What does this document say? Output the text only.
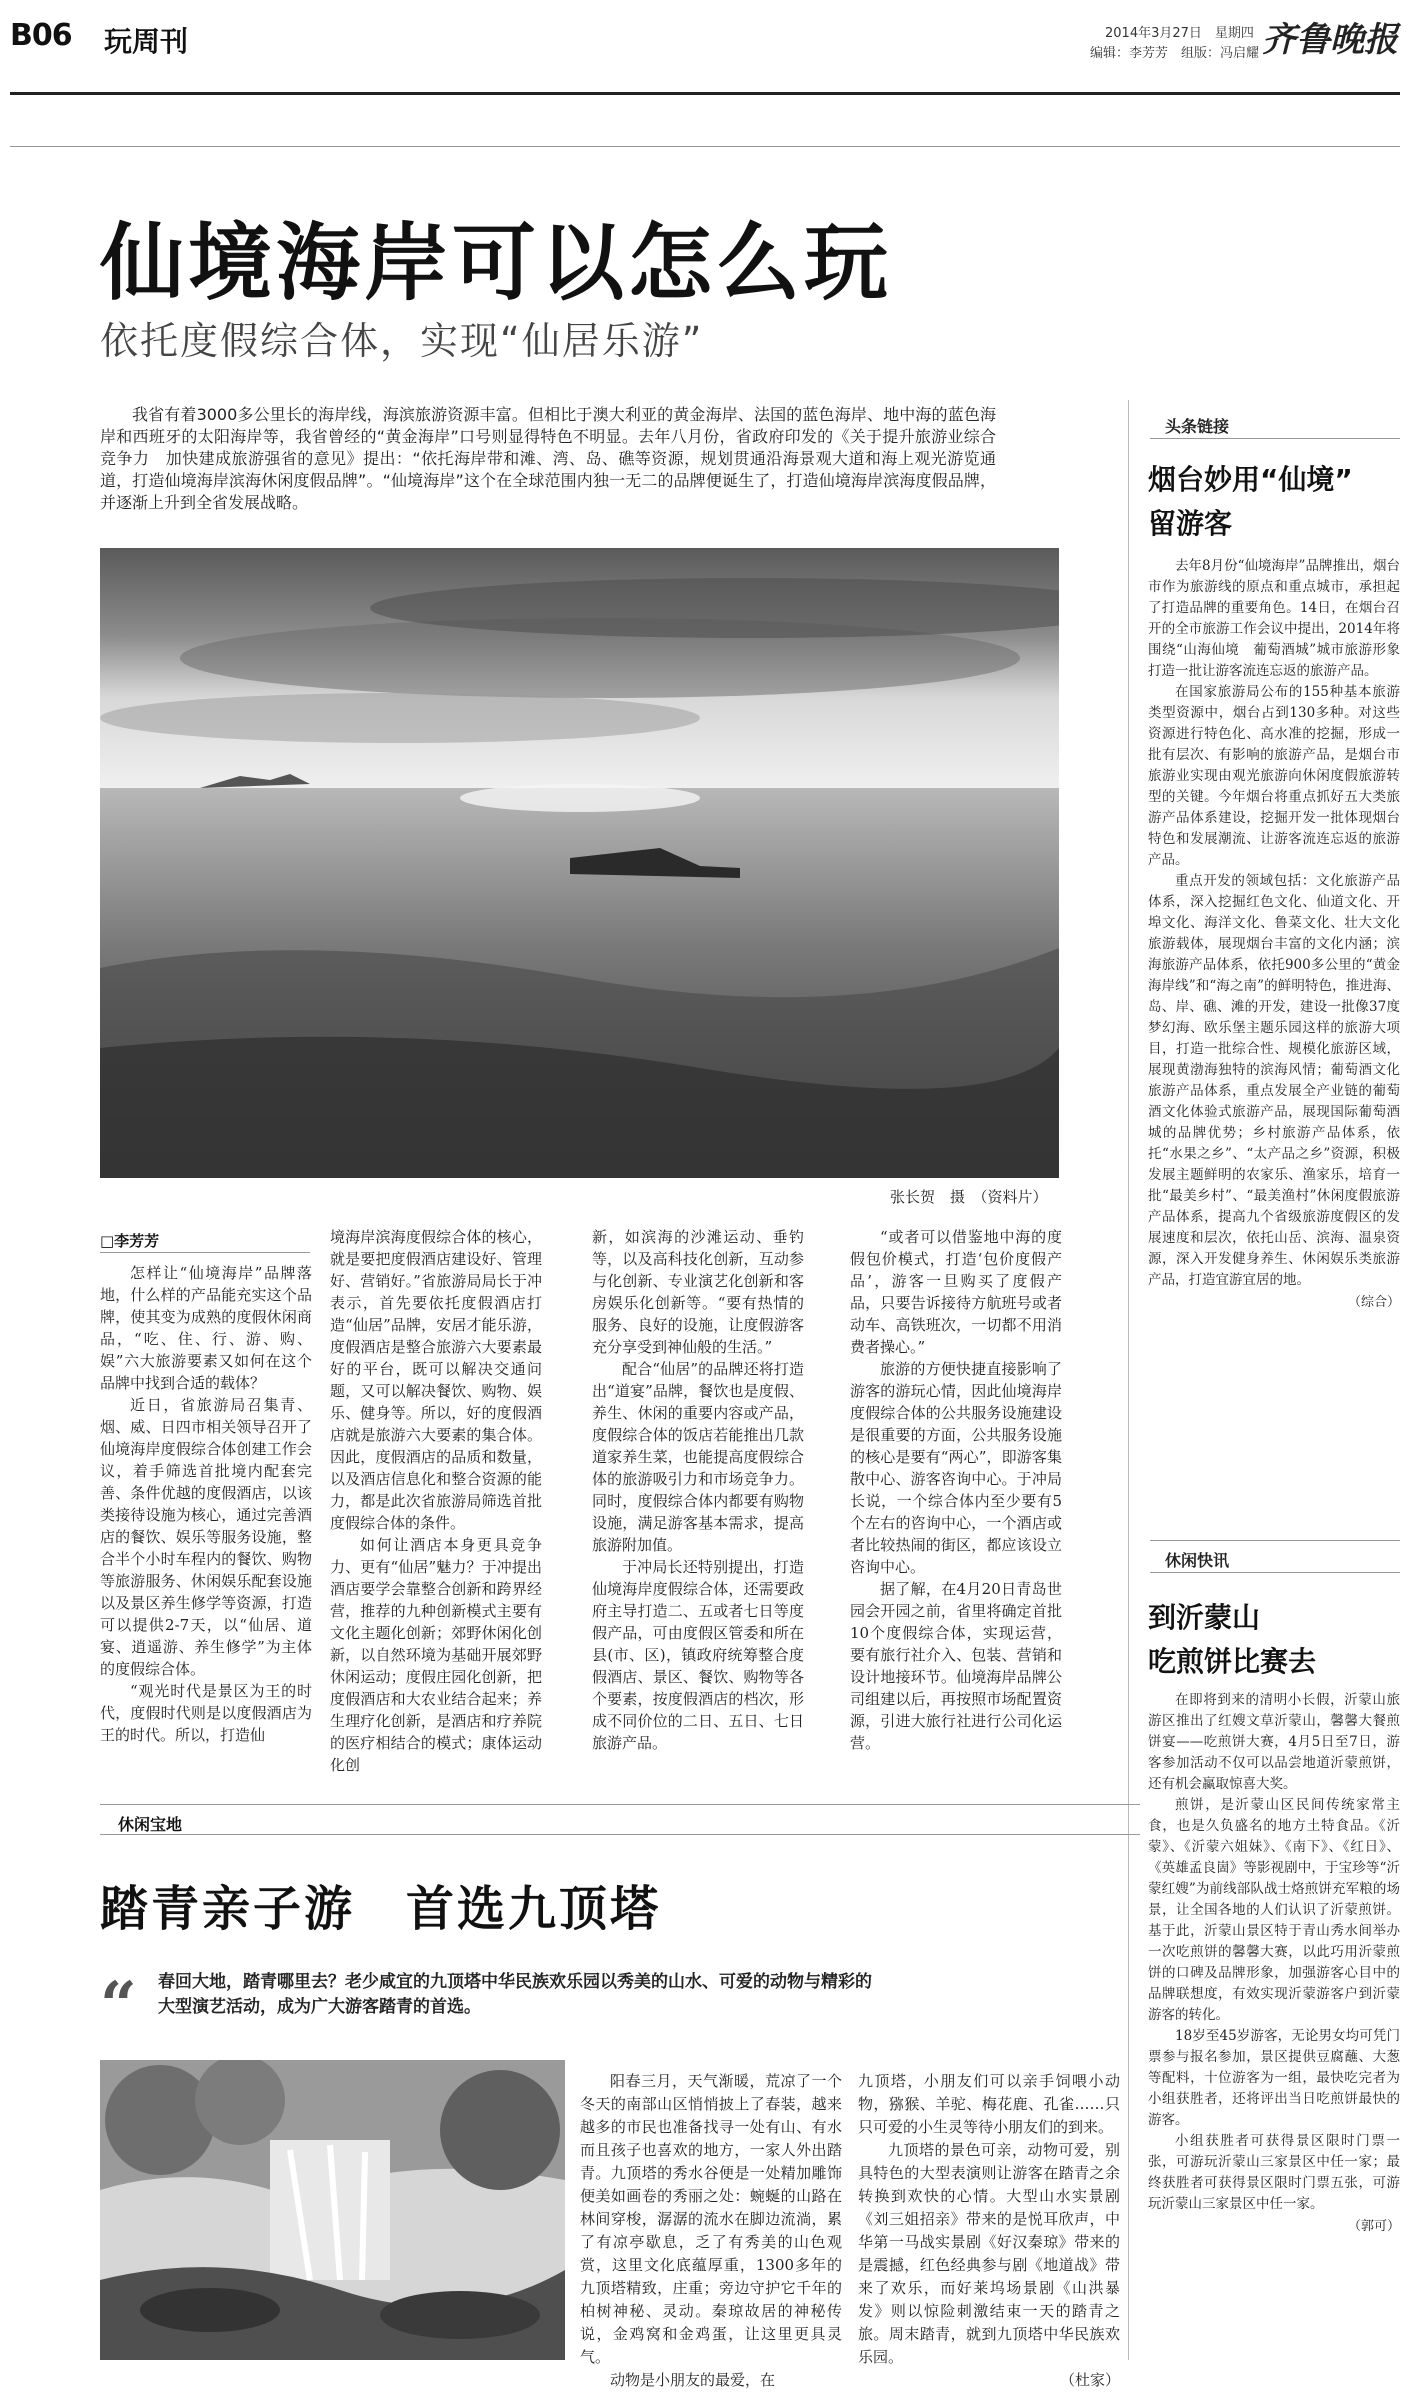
B06 玩周刊	2014年3月27日　星期四
编辑：李芳芳　组版：冯启耀 齐鲁晚报
仙境海岸可以怎么玩
依托度假综合体，实现“仙居乐游”
我省有着3000多公里长的海岸线，海滨旅游资源丰富。但相比于澳大利亚的黄金海岸、法国的蓝色海岸、地中海的蓝色海岸和西班牙的太阳海岸等，我省曾经的“黄金海岸”口号则显得特色不明显。去年八月份，省政府印发的《关于提升旅游业综合竞争力　加快建成旅游强省的意见》提出：“依托海岸带和滩、湾、岛、礁等资源，规划贯通沿海景观大道和海上观光游览通道，打造仙境海岸滨海休闲度假品牌”。“仙境海岸”这个在全球范围内独一无二的品牌便诞生了，打造仙境海岸滨海度假品牌，并逐渐上升到全省发展战略。
张长贺　摄　（资料片）
□李芳芳

怎样让“仙境海岸”品牌落地，什么样的产品能充实这个品牌，使其变为成熟的度假休闲商品，“吃、住、行、游、购、娱”六大旅游要素又如何在这个品牌中找到合适的载体？

近日，省旅游局召集青、烟、威、日四市相关领导召开了仙境海岸度假综合体创建工作会议，着手筛选首批境内配套完善、条件优越的度假酒店，以该类接待设施为核心，通过完善酒店的餐饮、娱乐等服务设施，整合半个小时车程内的餐饮、购物等旅游服务、休闲娱乐配套设施以及景区养生修学等资源，打造可以提供2-7天，以“仙居、道宴、逍遥游、养生修学”为主体的度假综合体。

“观光时代是景区为王的时代，度假时代则是以度假酒店为王的时代。所以，打造仙

境海岸滨海度假综合体的核心，就是要把度假酒店建设好、管理好、营销好。”省旅游局局长于冲表示，首先要依托度假酒店打造“仙居”品牌，安居才能乐游，度假酒店是整合旅游六大要素最好的平台，既可以解决交通问题，又可以解决餐饮、购物、娱乐、健身等。所以，好的度假酒店就是旅游六大要素的集合体。因此，度假酒店的品质和数量，以及酒店信息化和整合资源的能力，都是此次省旅游局筛选首批度假综合体的条件。

如何让酒店本身更具竞争力、更有“仙居”魅力？于冲提出酒店要学会靠整合创新和跨界经营，推荐的九种创新模式主要有文化主题化创新；郊野休闲化创新，以自然环境为基础开展郊野休闲运动；度假庄园化创新，把度假酒店和大农业结合起来；养生理疗化创新，是酒店和疗养院的医疗相结合的模式；康体运动化创

新，如滨海的沙滩运动、垂钓等，以及高科技化创新，互动参与化创新、专业演艺化创新和客房娱乐化创新等。“要有热情的服务、良好的设施，让度假游客充分享受到神仙般的生活。”

配合“仙居”的品牌还将打造出“道宴”品牌，餐饮也是度假、养生、休闲的重要内容或产品，度假综合体的饭店若能推出几款道家养生菜，也能提高度假综合体的旅游吸引力和市场竞争力。同时，度假综合体内都要有购物设施，满足游客基本需求，提高旅游附加值。

于冲局长还特别提出，打造仙境海岸度假综合体，还需要政府主导打造二、五或者七日等度假产品，可由度假区管委和所在县(市、区)，镇政府统筹整合度假酒店、景区、餐饮、购物等各个要素，按度假酒店的档次，形成不同价位的二日、五日、七日旅游产品。

“或者可以借鉴地中海的度假包价模式，打造‘包价度假产品’，游客一旦购买了度假产品，只要告诉接待方航班号或者动车、高铁班次，一切都不用消费者操心。”

旅游的方便快捷直接影响了游客的游玩心情，因此仙境海岸度假综合体的公共服务设施建设是很重要的方面，公共服务设施的核心是要有“两心”，即游客集散中心、游客咨询中心。于冲局长说，一个综合体内至少要有5个左右的咨询中心，一个酒店或者比较热闹的街区，都应该设立咨询中心。

据了解，在4月20日青岛世园会开园之前，省里将确定首批10个度假综合体，实现运营，要有旅行社介入、包装、营销和设计地接环节。仙境海岸品牌公司组建以后，再按照市场配置资源，引进大旅行社进行公司化运营。

头条链接
烟台妙用“仙境”
留游客

去年8月份“仙境海岸”品牌推出，烟台市作为旅游线的原点和重点城市，承担起了打造品牌的重要角色。14日，在烟台召开的全市旅游工作会议中提出，2014年将围绕“山海仙境　葡萄酒城”城市旅游形象打造一批让游客流连忘返的旅游产品。

在国家旅游局公布的155种基本旅游类型资源中，烟台占到130多种。对这些资源进行特色化、高水准的挖掘，形成一批有层次、有影响的旅游产品，是烟台市旅游业实现由观光旅游向休闲度假旅游转型的关键。今年烟台将重点抓好五大类旅游产品体系建设，挖掘开发一批体现烟台特色和发展潮流、让游客流连忘返的旅游产品。

重点开发的领域包括：文化旅游产品体系，深入挖掘红色文化、仙道文化、开埠文化、海洋文化、鲁菜文化、壮大文化旅游载体，展现烟台丰富的文化内涵；滨海旅游产品体系，依托900多公里的“黄金海岸线”和“海之南”的鲜明特色，推进海、岛、岸、礁、滩的开发，建设一批像37度梦幻海、欧乐堡主题乐园这样的旅游大项目，打造一批综合性、规模化旅游区域，展现黄渤海独特的滨海风情；葡萄酒文化旅游产品体系，重点发展全产业链的葡萄酒文化体验式旅游产品，展现国际葡萄酒城的品牌优势；乡村旅游产品体系，依托“水果之乡”、“太产品之乡”资源，积极发展主题鲜明的农家乐、渔家乐，培育一批“最美乡村”、“最美渔村”休闲度假旅游产品体系，提高九个省级旅游度假区的发展速度和层次，依托山岳、滨海、温泉资源，深入开发健身养生、休闲娱乐类旅游产品，打造宜游宜居的地。

（综合）
休闲快讯
到沂蒙山
吃煎饼比赛去

在即将到来的清明小长假，沂蒙山旅游区推出了红嫂文草沂蒙山，馨馨大餐煎饼宴——吃煎饼大赛，4月5日至7日，游客参加活动不仅可以品尝地道沂蒙煎饼，还有机会赢取惊喜大奖。

煎饼，是沂蒙山区民间传统家常主食，也是久负盛名的地方土特食品。《沂蒙》、《沂蒙六姐妹》、《南下》、《红日》、《英雄孟良崮》等影视剧中，于宝珍等“沂蒙红嫂”为前线部队战士烙煎饼充军粮的场景，让全国各地的人们认识了沂蒙煎饼。基于此，沂蒙山景区特于青山秀水间举办一次吃煎饼的馨馨大赛，以此巧用沂蒙煎饼的口碑及品牌形象，加强游客心目中的品牌联想度，有效实现沂蒙游客户到沂蒙游客的转化。

18岁至45岁游客，无论男女均可凭门票参与报名参加，景区提供豆腐蘸、大葱等配料，十位游客为一组，最快吃完者为小组获胜者，还将评出当日吃煎饼最快的游客。

小组获胜者可获得景区限时门票一张，可游玩沂蒙山三家景区中任一家；最终获胜者可获得景区限时门票五张，可游玩沂蒙山三家景区中任一家。

（郭可）
休闲宝地
踏青亲子游　首选九顶塔
“ 春回大地，踏青哪里去？老少咸宜的九顶塔中华民族欢乐园以秀美的山水、可爱的动物与精彩的大型演艺活动，成为广大游客踏青的首选。

阳春三月，天气渐暖，荒凉了一个冬天的南部山区悄悄披上了春装，越来越多的市民也准备找寻一处有山、有水而且孩子也喜欢的地方，一家人外出踏青。九顶塔的秀水谷便是一处精加雕饰便美如画卷的秀丽之处：蜿蜒的山路在林间穿梭，潺潺的流水在脚边流淌，累了有凉亭歇息，乏了有秀美的山色观赏，这里文化底蕴厚重，1300多年的九顶塔精致，庄重；旁边守护它千年的柏树神秘、灵动。秦琼故居的神秘传说，金鸡窝和金鸡蛋，让这里更具灵气。

动物是小朋友的最爱，在

九顶塔，小朋友们可以亲手饲喂小动物，猕猴、羊驼、梅花鹿、孔雀……只只可爱的小生灵等待小朋友们的到来。

九顶塔的景色可亲，动物可爱，别具特色的大型表演则让游客在踏青之余转换到欢快的心情。大型山水实景剧《刘三姐招亲》带来的是悦耳欣声，中华第一马战实景剧《好汉秦琼》带来的是震撼，红色经典参与剧《地道战》带来了欢乐，而好莱坞场景剧《山洪暴发》则以惊险刺激结束一天的踏青之旅。周末踏青，就到九顶塔中华民族欢乐园。

（杜家）
